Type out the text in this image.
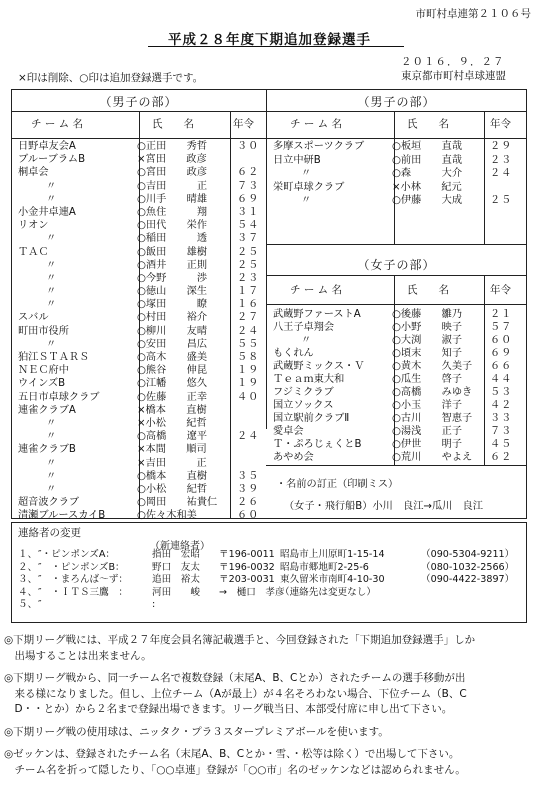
市町村卓連第２１０６号
平成２８年度下期追加登録選手
２０１６．９．２７
×印は削除、○印は追加登録選手です。	東京都市町村卓球連盟
（男子の部）
チ ー ム 名	氏　　名	年令
日野卓友会A	○正田　　秀哲	３０
ブルーブラムB	×宮田　　政彦
桐卓会	○宮田　　政彦	６２
〃	○吉田　　　正	７３
〃	○川手　　晴雄	６９
小金井卓連A	○魚住　　　翔	３１
リオン	○田代　　栄作	５４
〃	○稲田　　　透	３７
ＴＡＣ	○飯田　　雄樹	２５
〃	○酒井　　正則	２５
〃	○今野　　　渉	２３
〃	○徳山　　深生	１７
〃	○塚田　　　瞭	１６
スバル	○村田　　裕介	２７
町田市役所	○柳川　　友晴	２４
〃	○安田　　昌広	５５
狛江ＳＴＡＲＳ	○高木　　盛美	５８
ＮＥＣ府中	○熊谷　　伸昆	１９
ウインズB	○江幡　　悠久	１９
五日市卓球クラブ	○佐藤　　正幸	４０
連雀クラブA	×橋本　　直樹
〃	×小松　　紀哲
〃	○高橋　　遼平	２４
連雀クラブB	×本間　　順司
〃	×吉田　　　正
〃	○橋本　　直樹	３５
〃	○小松　　紀哲	３９
超音波クラブ	○岡田　　祐貴仁 ２６
清瀬ブルースカイB	○佐々木和美	６０
（男子の部）
チ ー ム 名	氏　　名	年令
多摩スポーツクラブ	○板垣　　直哉	２９
日立中研B	○前田　　直哉	２３
〃	○森　　　大介	２４
栄町卓球クラブ	×小林　　紀元
〃	○伊藤　　大成	２５
（女子の部）
チ ー ム 名	氏　　名	年令
武蔵野ファーストA	○後藤　　雛乃	２１
八王子卓翔会	○小野　　映子	５７
〃	○大渕　　淑子	６０
もくれん	○頃末　　知子	６９
武蔵野ミックス・Ｖ	○黄木　　久美子 ６６
Ｔｅａｍ東大和	○瓜生　　啓子	４４
フジミクラブ	○高橋　　みゆき ５３
国立ソックス	○小玉　　洋子	４２
国立駅前クラブⅡ	○古川　　智恵子 ３３
愛卓会	○湯浅　　正子	７３
Ｔ・ぷろじぇくとB	○伊世　　明子	４５
あやめ会	○荒川　　やよえ ６２
・名前の訂正（印刷ミス）
（女子・飛行船B）小川　良江→瓜川　良江
連絡者の変更
（新連絡者）
１、 ″・ピンポンズA：	指田　宏昭 〒196-0011 昭島市上川原町1-15-14	（090-5304-9211）
２、 ″　・ピンポンズB：	野口　友太 〒196-0032 昭島市郷地町2-25-6	（080-1032-2566）
３、 ″　・まろんば～ず：	追田　裕太 〒203-0031 東久留米市南町4-10-30	（090-4422-3897）
４、 ″　・ＩＴＳ三鷹　：	河田　　峻 →　樋口　孝彦
（連絡先は変更なし）
５、 ″	:
◎下期リーグ戦には、平成２７年度会員名簿記載選手と、今回登録された「下期追加登録選手」しか
　出場することは出来ません。
◎下期リーグ戦から、同一チーム名で複数登録（末尾A、B、Cとか）されたチームの選手移動が出
　来る様になりました。但し、上位チーム（Aが最上）が４名そろわない場合、下位チーム（B、C
　D・・とか）から２名まで登録出場できます。リーグ戦当日、本部受付席に申し出て下さい。
◎下期リーグ戦の使用球は、ニッタク・プラ３スタープレミアボールを使います。
◎ゼッケンは、登録されたチーム名（末尾A、B、Cとか・雪、・松等は除く）で出場して下さい。
　チーム名を折って隠したり、「○○卓連」登録が「○○市」名のゼッケンなどは認められません。
